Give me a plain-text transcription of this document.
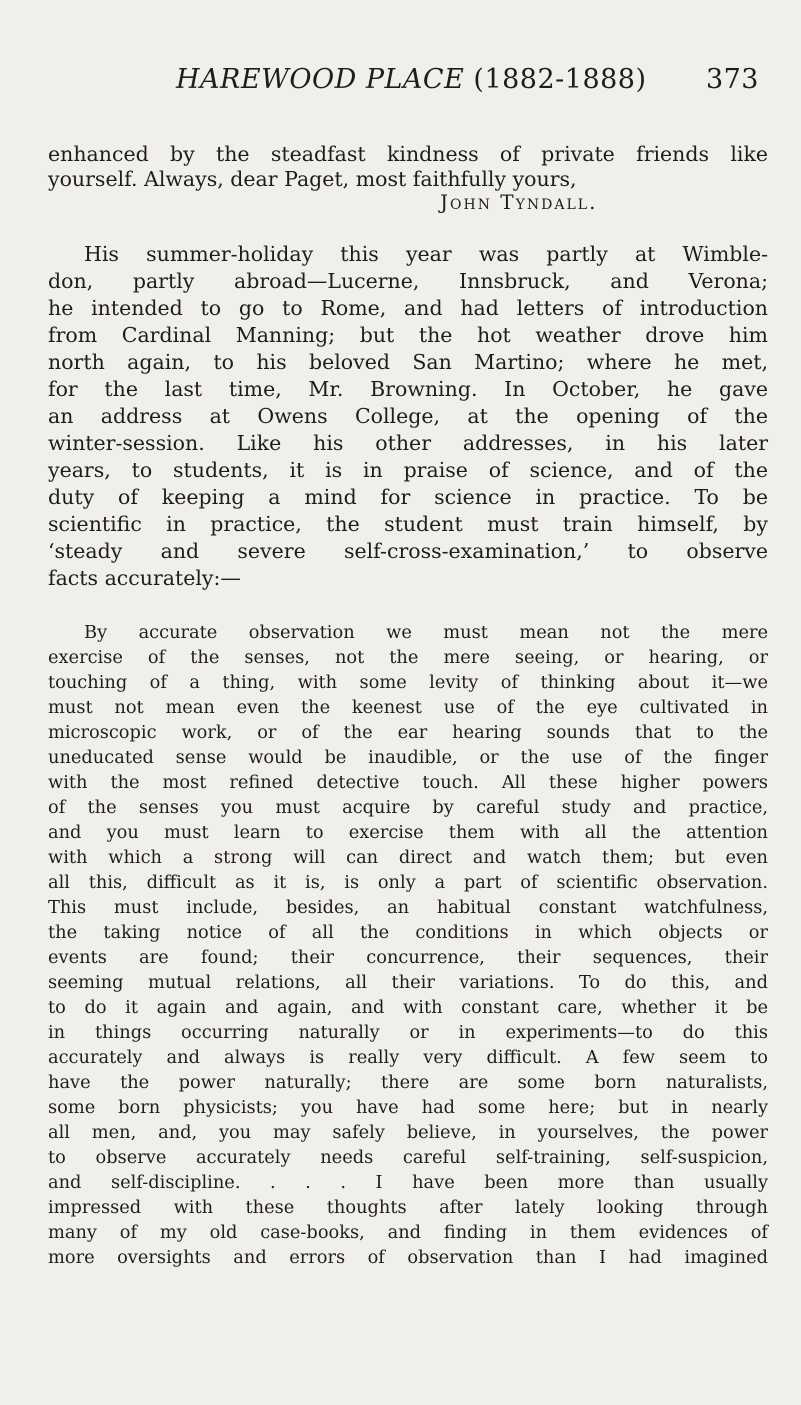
HAREWOOD PLACE (1882-1888) 373
enhanced by the steadfast kindness of private friends like
yourself. Always, dear Paget, most faithfully yours,
John Tyndall.
His summer-holiday this year was partly at Wimble-
don, partly abroad—Lucerne, Innsbruck, and Verona;
he intended to go to Rome, and had letters of introduction
from Cardinal Manning; but the hot weather drove him
north again, to his beloved San Martino; where he met,
for the last time, Mr. Browning. In October, he gave
an address at Owens College, at the opening of the
winter-session. Like his other addresses, in his later
years, to students, it is in praise of science, and of the
duty of keeping a mind for science in practice. To be
scientific in practice, the student must train himself, by
‘steady and severe self-cross-examination,’ to observe
facts accurately:—
By accurate observation we must mean not the mere
exercise of the senses, not the mere seeing, or hearing, or
touching of a thing, with some levity of thinking about it—we
must not mean even the keenest use of the eye cultivated in
microscopic work, or of the ear hearing sounds that to the
uneducated sense would be inaudible, or the use of the finger
with the most refined detective touch. All these higher powers
of the senses you must acquire by careful study and practice,
and you must learn to exercise them with all the attention
with which a strong will can direct and watch them; but even
all this, difficult as it is, is only a part of scientific observation.
This must include, besides, an habitual constant watchfulness,
the taking notice of all the conditions in which objects or
events are found; their concurrence, their sequences, their
seeming mutual relations, all their variations. To do this, and
to do it again and again, and with constant care, whether it be
in things occurring naturally or in experiments—to do this
accurately and always is really very difficult. A few seem to
have the power naturally; there are some born naturalists,
some born physicists; you have had some here; but in nearly
all men, and, you may safely believe, in yourselves, the power
to observe accurately needs careful self-training, self-suspicion,
and self-discipline. . . . I have been more than usually
impressed with these thoughts after lately looking through
many of my old case-books, and finding in them evidences of
more oversights and errors of observation than I had imagined
